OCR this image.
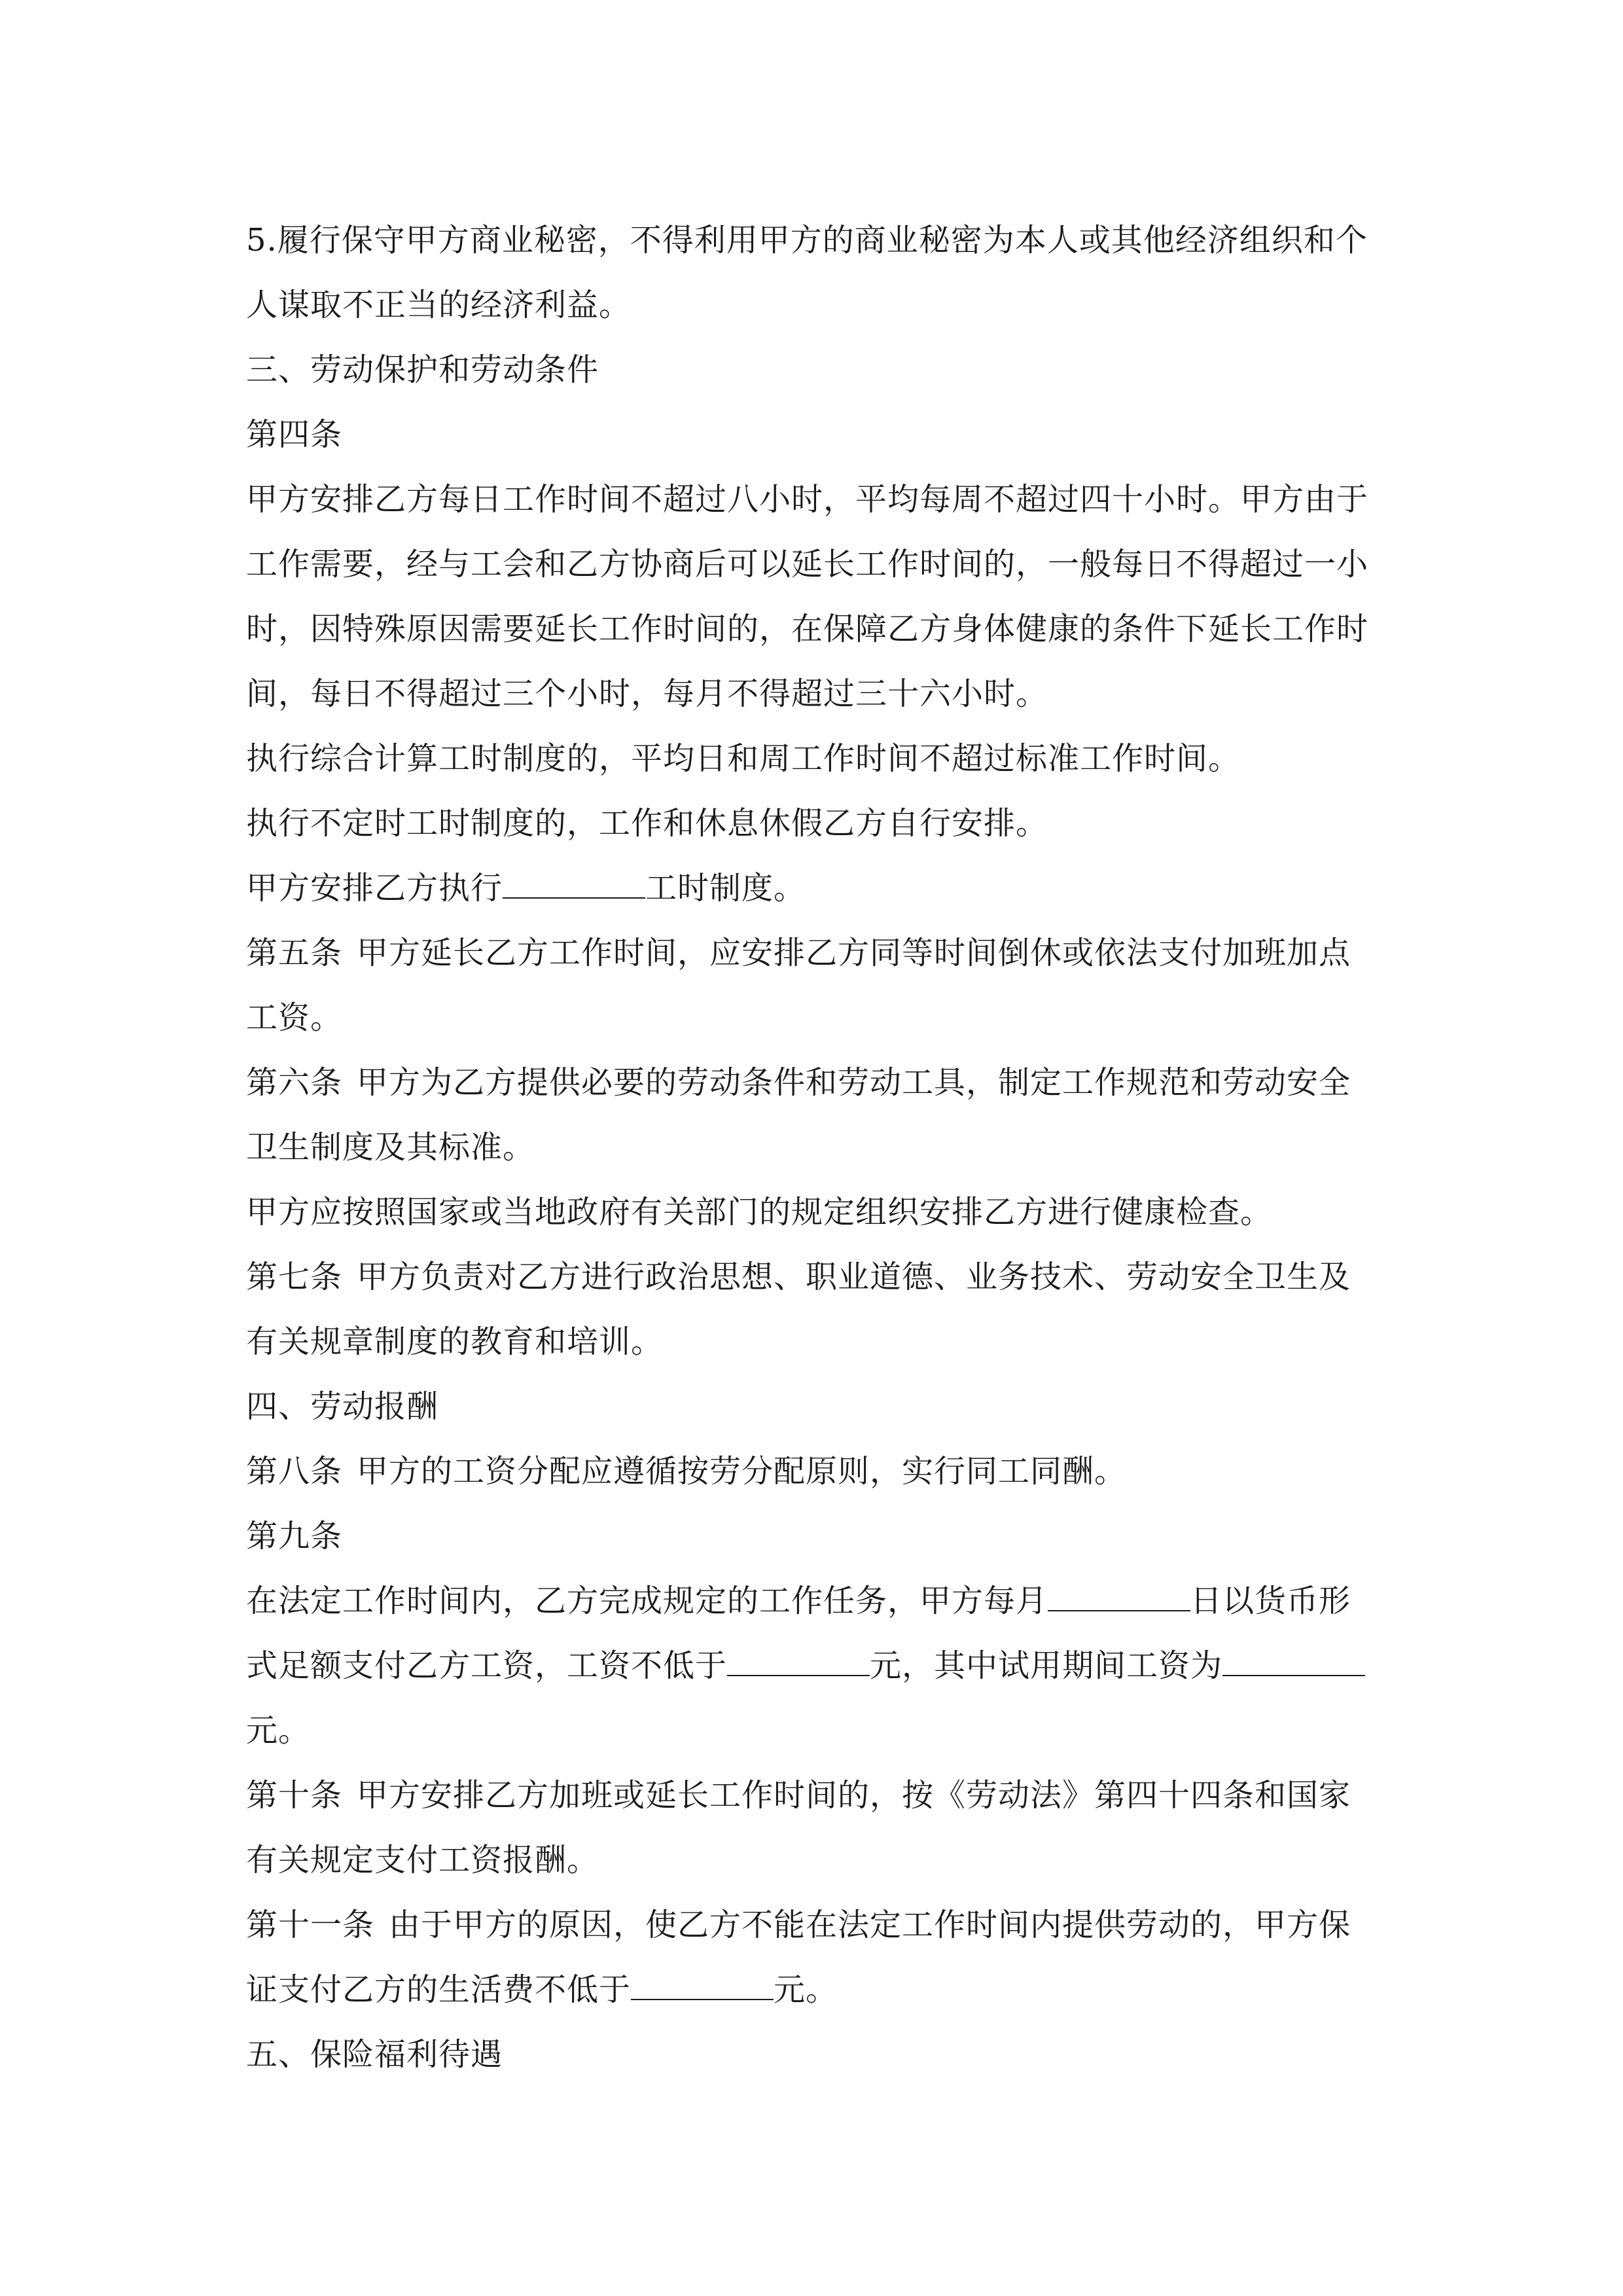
5.履行保守甲方商业秘密，不得利用甲方的商业秘密为本人或其他经济组织和个
人谋取不正当的经济利益。
三、劳动保护和劳动条件
第四条
甲方安排乙方每日工作时间不超过八小时，平均每周不超过四十小时。甲方由于
工作需要，经与工会和乙方协商后可以延长工作时间的，一般每日不得超过一小
时，因特殊原因需要延长工作时间的，在保障乙方身体健康的条件下延长工作时
间，每日不得超过三个小时，每月不得超过三十六小时。
执行综合计算工时制度的，平均日和周工作时间不超过标准工作时间。
执行不定时工时制度的，工作和休息休假乙方自行安排。
甲方安排乙方执行	工时制度。
第五条 甲方延长乙方工作时间，应安排乙方同等时间倒休或依法支付加班加点
工资。
第六条 甲方为乙方提供必要的劳动条件和劳动工具，制定工作规范和劳动安全
卫生制度及其标准。
甲方应按照国家或当地政府有关部门的规定组织安排乙方进行健康检查。
第七条 甲方负责对乙方进行政治思想、职业道德、业务技术、劳动安全卫生及
有关规章制度的教育和培训。
四、劳动报酬
第八条 甲方的工资分配应遵循按劳分配原则，实行同工同酬。
第九条
在法定工作时间内，乙方完成规定的工作任务，甲方每月	日以货币形
式足额支付乙方工资，工资不低于	元，其中试用期间工资为
元。
第十条 甲方安排乙方加班或延长工作时间的，按《劳动法》第四十四条和国家
有关规定支付工资报酬。
第十一条 由于甲方的原因，使乙方不能在法定工作时间内提供劳动的，甲方保
证支付乙方的生活费不低于	元。
五、保险福利待遇
